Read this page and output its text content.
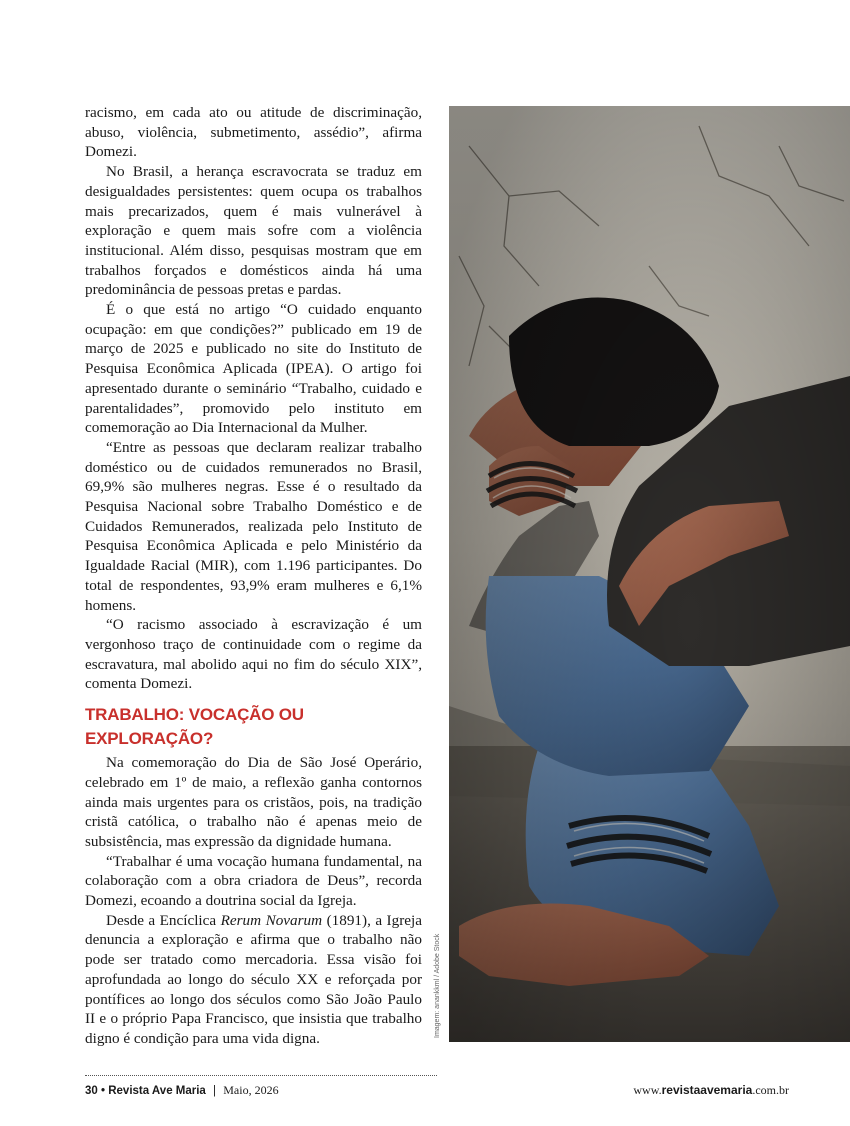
racismo, em cada ato ou atitude de discriminação, abuso, violência, submetimento, assédio”, afirma Domezi.

No Brasil, a herança escravocrata se traduz em desigualdades persistentes: quem ocupa os trabalhos mais precarizados, quem é mais vulnerável à exploração e quem mais sofre com a violência institucional. Além disso, pesquisas mostram que em trabalhos forçados e domésticos ainda há uma predominância de pessoas pretas e pardas.

É o que está no artigo “O cuidado enquanto ocupação: em que condições?” publicado em 19 de março de 2025 e publicado no site do Instituto de Pesquisa Econômica Aplicada (IPEA). O artigo foi apresentado durante o seminário “Trabalho, cuidado e parentalidades”, promovido pelo instituto em comemoração ao Dia Internacional da Mulher.

“Entre as pessoas que declaram realizar trabalho doméstico ou de cuidados remunerados no Brasil, 69,9% são mulheres negras. Esse é o resultado da Pesquisa Nacional sobre Trabalho Doméstico e de Cuidados Remunerados, realizada pelo Instituto de Pesquisa Econômica Aplicada e pelo Ministério da Igualdade Racial (MIR), com 1.196 participantes. Do total de respondentes, 93,9% eram mulheres e 6,1% homens.

“O racismo associado à escravização é um vergonhoso traço de continuidade com o regime da escravatura, mal abolido aqui no fim do século XIX”, comenta Domezi.

TRABALHO: VOCAÇÃO OU EXPLORAÇÃO?

Na comemoração do Dia de São José Operário, celebrado em 1º de maio, a reflexão ganha contornos ainda mais urgentes para os cristãos, pois, na tradição cristã católica, o trabalho não é apenas meio de subsistência, mas expressão da dignidade humana.

“Trabalhar é uma vocação humana fundamental, na colaboração com a obra criadora de Deus”, recorda Domezi, ecoando a doutrina social da Igreja.

Desde a Encíclica Rerum Novarum (1891), a Igreja denuncia a exploração e afirma que o trabalho não pode ser tratado como mercadoria. Essa visão foi aprofundada ao longo do século XX e reforçada por pontífices ao longo dos séculos como São João Paulo II e o próprio Papa Francisco, que insistia que trabalho digno é condição para uma vida digna.

Imagem: anankkml / Adobe Stock
30 • Revista Ave Maria | Maio, 2026	www.revistaavemaria.com.br
